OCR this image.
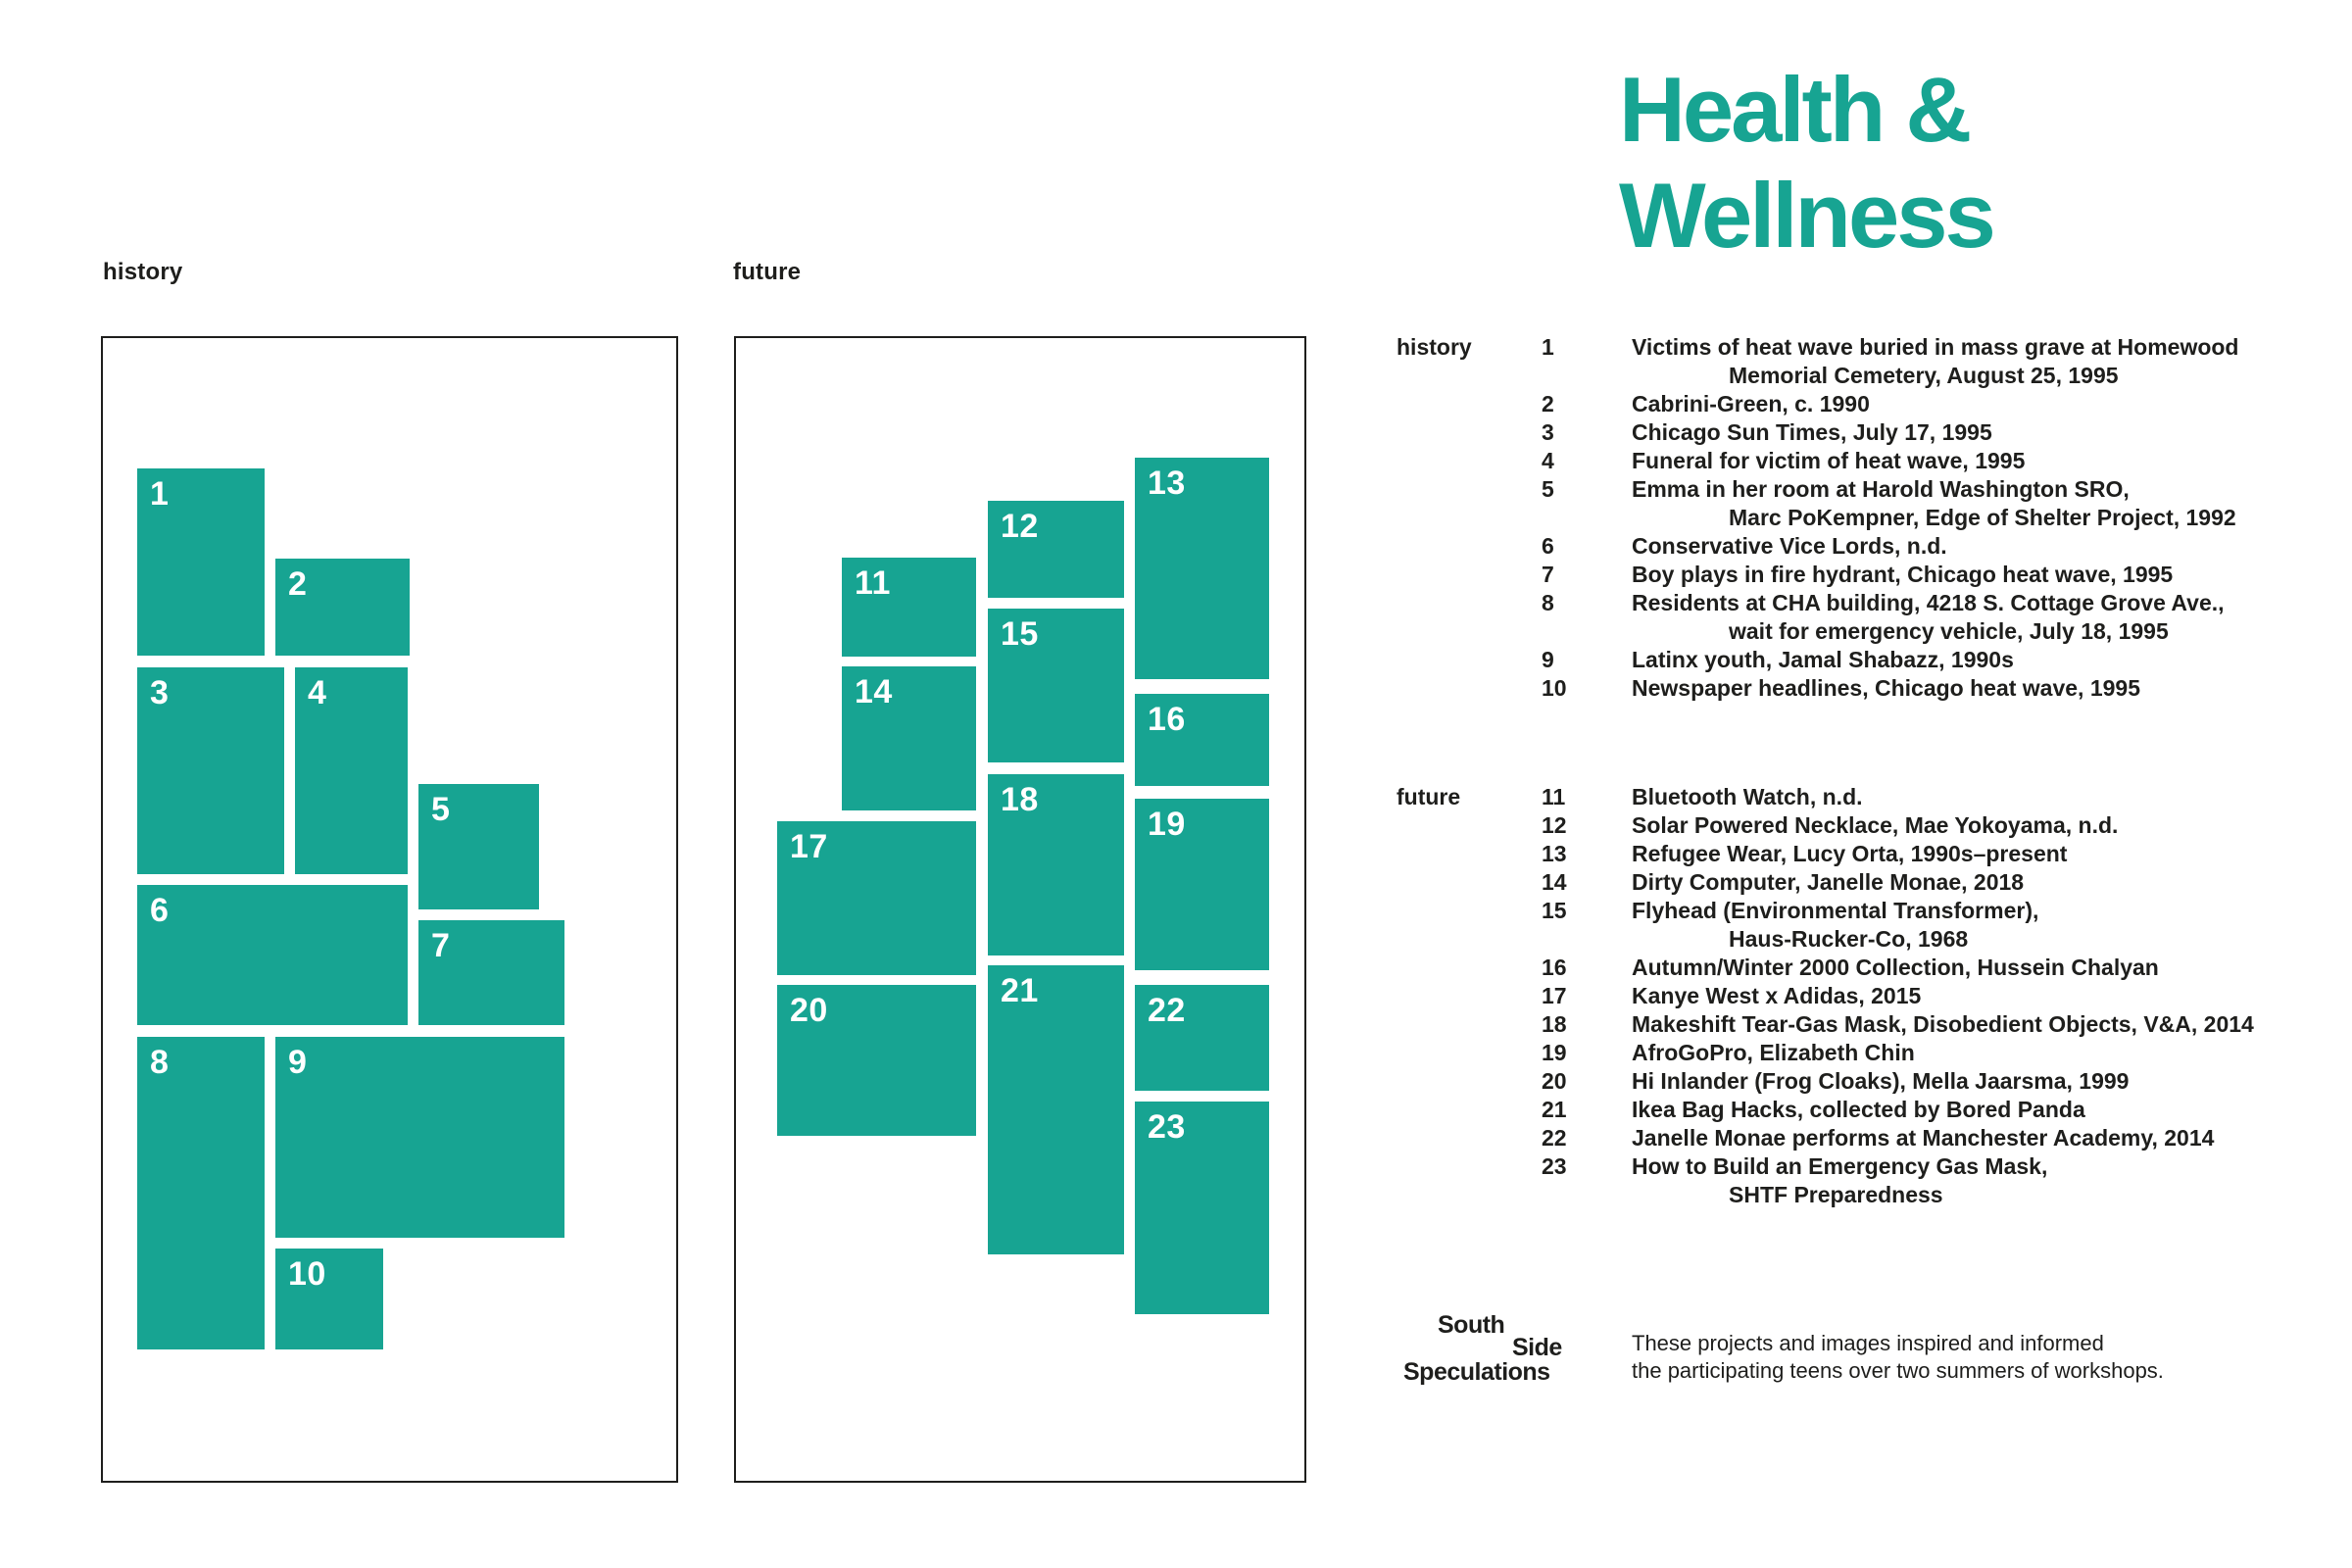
Health &
Wellness
history	future
1
2
3	4
5
6
7
8	9
10
11
12
13
14
15
16
17
18
19
20
21
22
23
history	1	Victims of heat wave buried in mass grave at Homewood
Memorial Cemetery, August 25, 1995
2	Cabrini-Green, c. 1990
3	Chicago Sun Times, July 17, 1995
4	Funeral for victim of heat wave, 1995
5	Emma in her room at Harold Washington SRO,
Marc PoKempner, Edge of Shelter Project, 1992
6	Conservative Vice Lords, n.d.
7	Boy plays in fire hydrant, Chicago heat wave, 1995
8	Residents at CHA building, 4218 S. Cottage Grove Ave.,
wait for emergency vehicle, July 18, 1995
9	Latinx youth, Jamal Shabazz, 1990s
10	Newspaper headlines, Chicago heat wave, 1995
future	11	Bluetooth Watch, n.d.
12	Solar Powered Necklace, Mae Yokoyama, n.d.
13	Refugee Wear, Lucy Orta, 1990s–present
14	Dirty Computer, Janelle Monae, 2018
15	Flyhead (Environmental Transformer),
Haus-Rucker-Co, 1968
16	Autumn/Winter 2000 Collection, Hussein Chalyan
17	Kanye West x Adidas, 2015
18	Makeshift Tear-Gas Mask, Disobedient Objects, V&A, 2014
19	AfroGoPro, Elizabeth Chin
20	Hi Inlander (Frog Cloaks), Mella Jaarsma, 1999
21	Ikea Bag Hacks, collected by Bored Panda
22	Janelle Monae performs at Manchester Academy, 2014
23	How to Build an Emergency Gas Mask,
SHTF Preparedness
South
Side
Speculations
These projects and images inspired and informed
the participating teens over two summers of workshops.
